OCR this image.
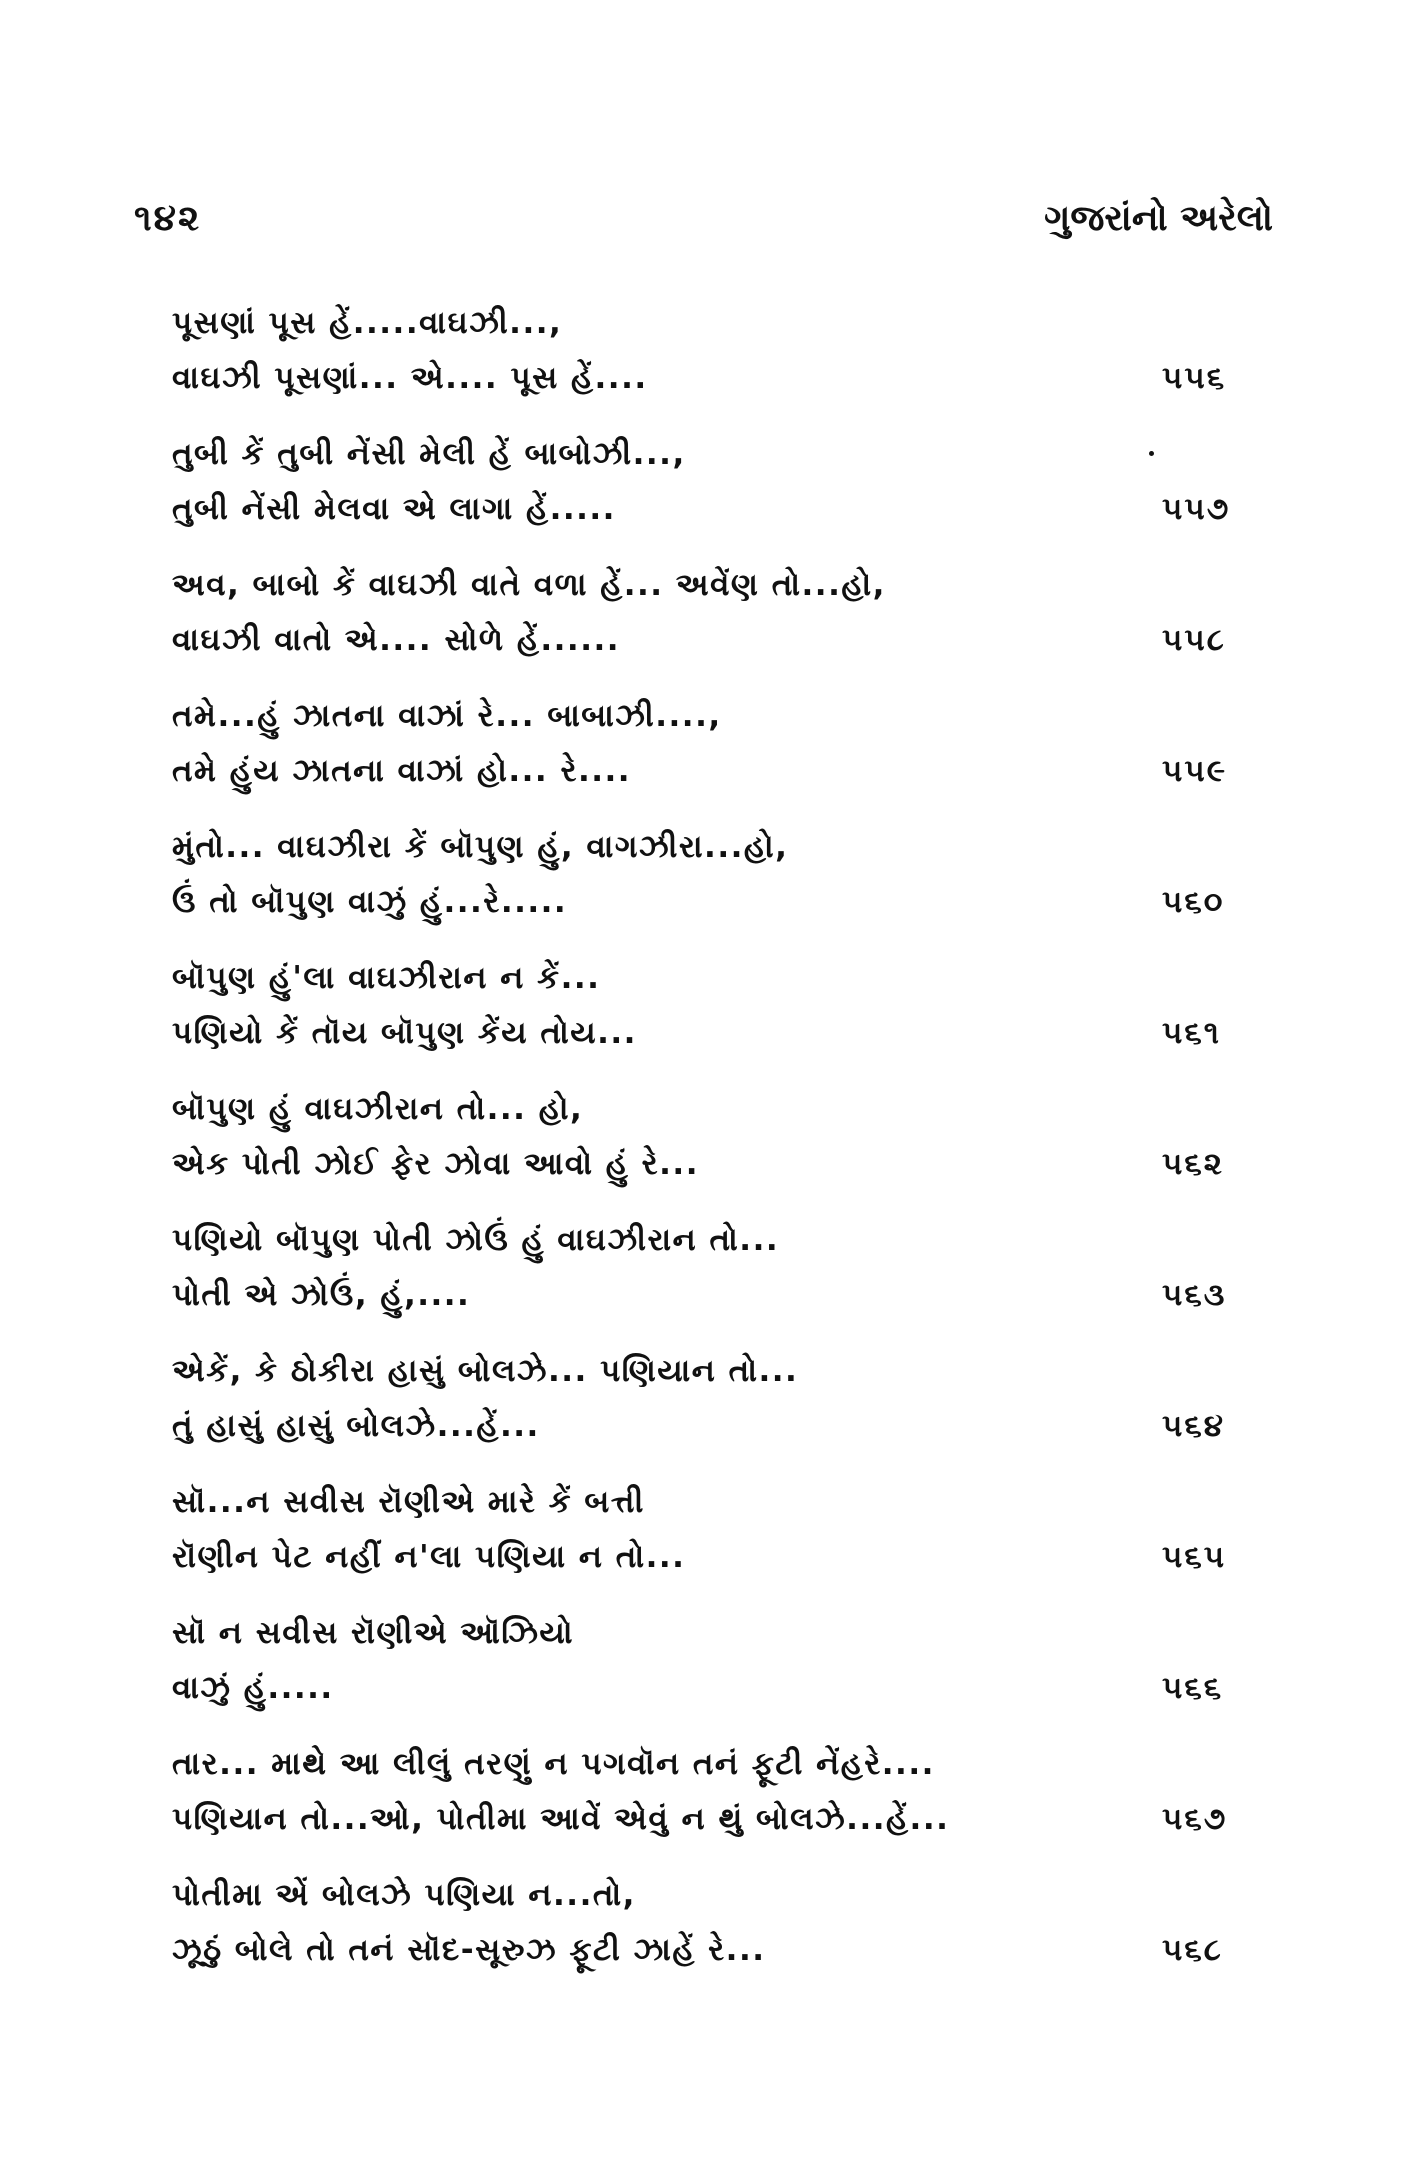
૧૪૨	ગુજરાંનો અરેલો
પૂસણાં પૂસ હેં.....વાઘઝી...,
વાઘઝી પૂસણાં... એ.... પૂસ હેં....	૫૫૬
તુબી કેં તુબી નેંસી મેલી હેં બાબોઝી...,
તુબી નેંસી મેલવા એ લાગા હેં.....	૫૫૭
અવ, બાબો કેં વાઘઝી વાતે વળા હેં... અવેંણ તો...હો,
વાઘઝી વાતો એ.... સોળે હેં......	૫૫૮
તમે...હું ઝાતના વાઝાં રે... બાબાઝી....,
તમે હુંય ઝાતના વાઝાં હો... રે....	૫૫૯
મુંતો... વાઘઝીરા કેં બૉપુણ હું, વાગઝીરા...હો,
ઉં તો બૉપુણ વાઝું હું...રે.....	૫૬૦
બૉપુણ હું'લા વાઘઝીરાન ન કેં...
પણિયો કેં તૉય બૉપુણ કેંય તોય...	૫૬૧
બૉપુણ હું વાઘઝીરાન તો... હો,
એક પોતી ઝોઈ ફેર ઝોવા આવો હું રે...	૫૬૨
પણિયો બૉપુણ પોતી ઝોઉં હું વાઘઝીરાન તો...
પોતી એ ઝોઉં, હું,....	૫૬૩
એકેં, કે ઠોકીરા હાસું બોલઝે... પણિયાન તો...
તું હાસું હાસું બોલઝે...હેં...	૫૬૪
સૉ...ન સવીસ રૉણીએ મારે કેં બત્તી
રૉણીન પેટ નહીં ન'લા પણિયા ન તો...	૫૬૫
સૉ ન સવીસ રૉણીએ ઑઝિયો
વાઝું હું.....	૫૬૬
તાર... માથે આ લીલું તરણું ન પગવૉન તનં ફૂટી નેંહરે....
પણિયાન તો...ઓ, પોતીમા આવેં એવું ન થું બોલઝે...હેં...	૫૬૭
પોતીમા એં બોલઝે પણિયા ન...તો,
ઝૂઠું બોલે તો તનં સૉદ-સૂરુઝ ફૂટી ઝાહેં રે...	૫૬૮
